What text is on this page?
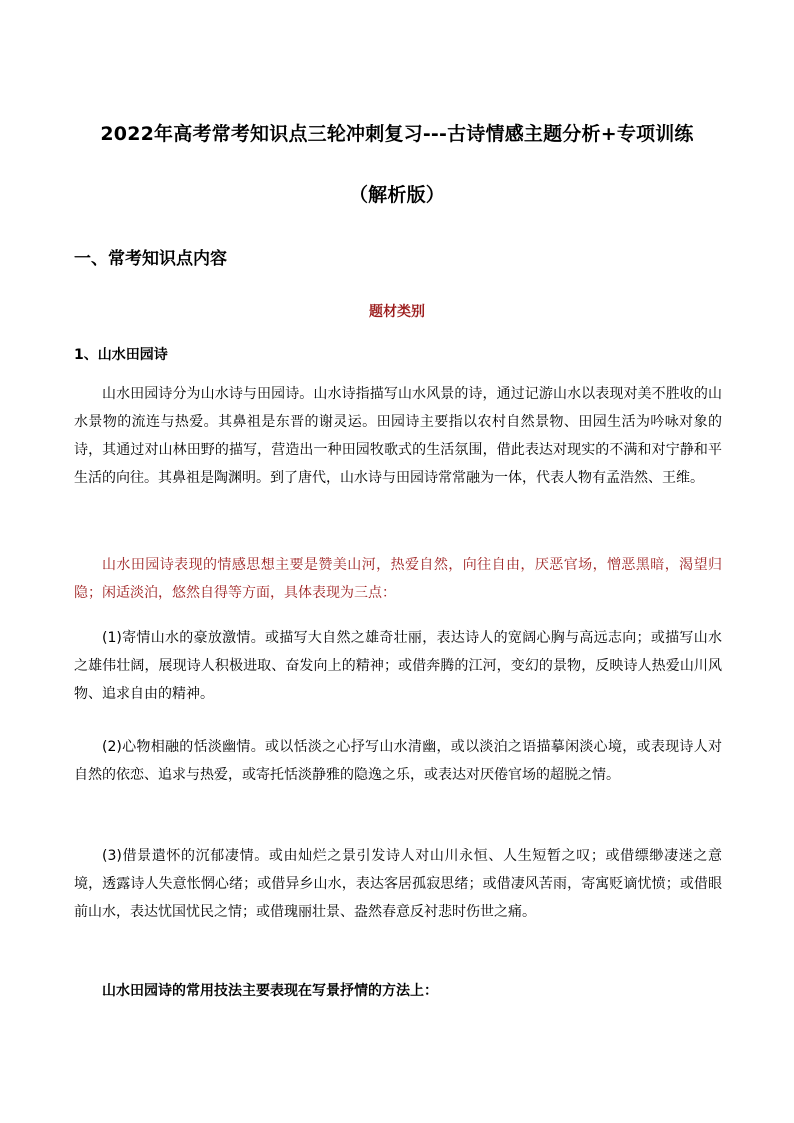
2022年高考常考知识点三轮冲刺复习---古诗情感主题分析+专项训练
（解析版）
一、常考知识点内容
题材类别
1、山水田园诗

山水田园诗分为山水诗与田园诗。山水诗指描写山水风景的诗，通过记游山水以表现对美不胜收的山水景物的流连与热爱。其鼻祖是东晋的谢灵运。田园诗主要指以农村自然景物、田园生活为吟咏对象的诗，其通过对山林田野的描写，营造出一种田园牧歌式的生活氛围，借此表达对现实的不满和对宁静和平生活的向往。其鼻祖是陶渊明。到了唐代，山水诗与田园诗常常融为一体，代表人物有孟浩然、王维。

山水田园诗表现的情感思想主要是赞美山河，热爱自然，向往自由，厌恶官场，憎恶黑暗，渴望归隐；闲适淡泊，悠然自得等方面，具体表现为三点：

(1)寄情山水的豪放激情。或描写大自然之雄奇壮丽，表达诗人的宽阔心胸与高远志向；或描写山水之雄伟壮阔，展现诗人积极进取、奋发向上的精神；或借奔腾的江河，变幻的景物，反映诗人热爱山川风物、追求自由的精神。

(2)心物相融的恬淡幽情。或以恬淡之心抒写山水清幽，或以淡泊之语描摹闲淡心境，或表现诗人对自然的依恋、追求与热爱，或寄托恬淡静雅的隐逸之乐，或表达对厌倦官场的超脱之情。

(3)借景遣怀的沉郁凄情。或由灿烂之景引发诗人对山川永恒、人生短暂之叹；或借缥缈凄迷之意境，透露诗人失意怅惘心绪；或借异乡山水，表达客居孤寂思绪；或借凄风苦雨，寄寓贬谪忧愤；或借眼前山水，表达忧国忧民之情；或借瑰丽壮景、盎然春意反衬悲时伤世之痛。

山水田园诗的常用技法主要表现在写景抒情的方法上：
